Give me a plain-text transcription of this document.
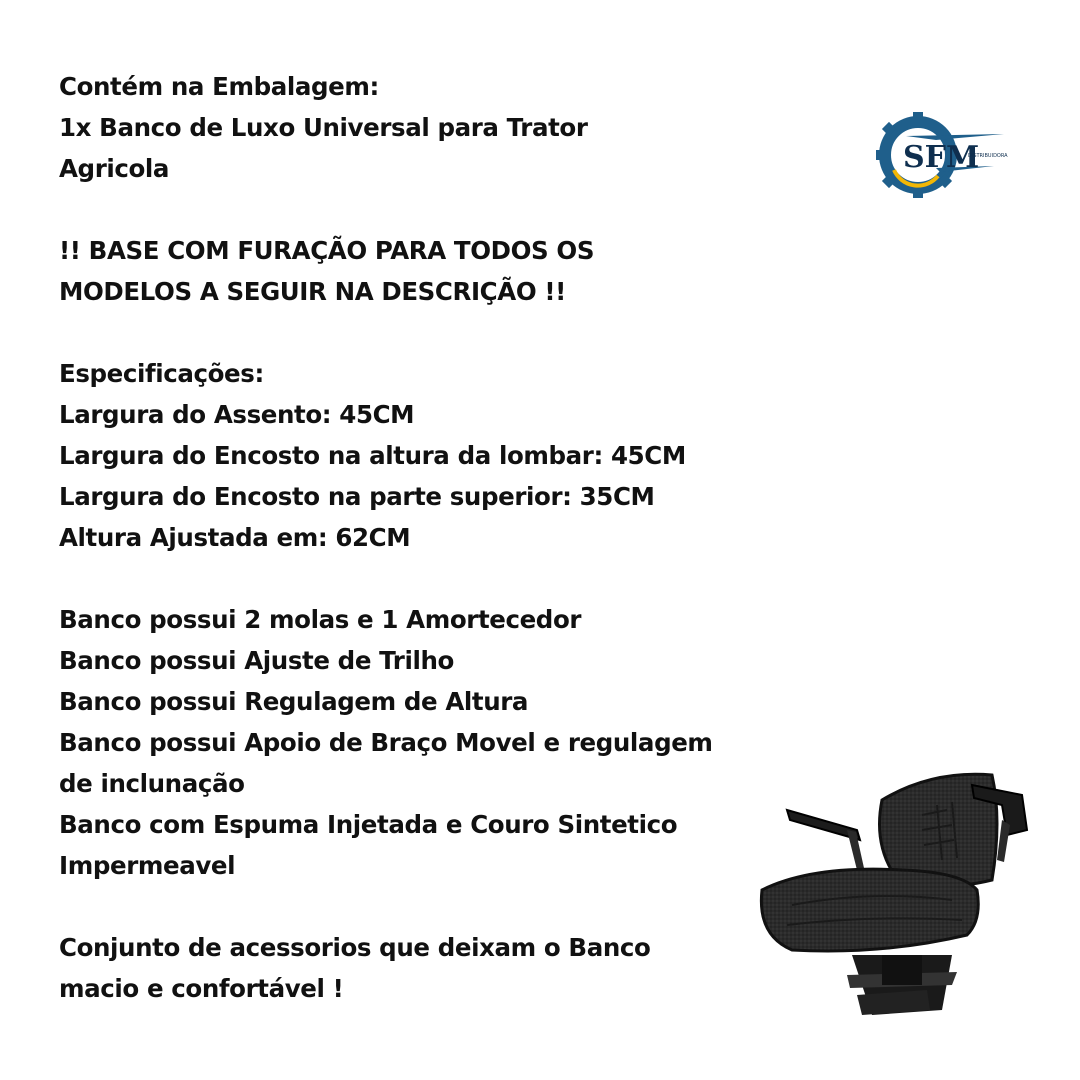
Contém na Embalagem:

1x Banco de Luxo Universal para Trator

Agricola

!! BASE COM FURAÇÃO PARA TODOS OS

MODELOS A SEGUIR NA DESCRIÇÃO !!

Especificações:

Largura do Assento: 45CM

Largura do Encosto na altura da lombar: 45CM

Largura do Encosto na parte superior: 35CM

Altura Ajustada em: 62CM

Banco possui 2 molas e 1 Amortecedor

Banco possui Ajuste de Trilho

Banco possui Regulagem de Altura

Banco possui Apoio de Braço Movel e regulagem

de inclunação

Banco com Espuma Injetada e Couro Sintetico

Impermeavel

Conjunto de acessorios que deixam o Banco

macio e confortável !

SFM
DISTRIBUIDORA
